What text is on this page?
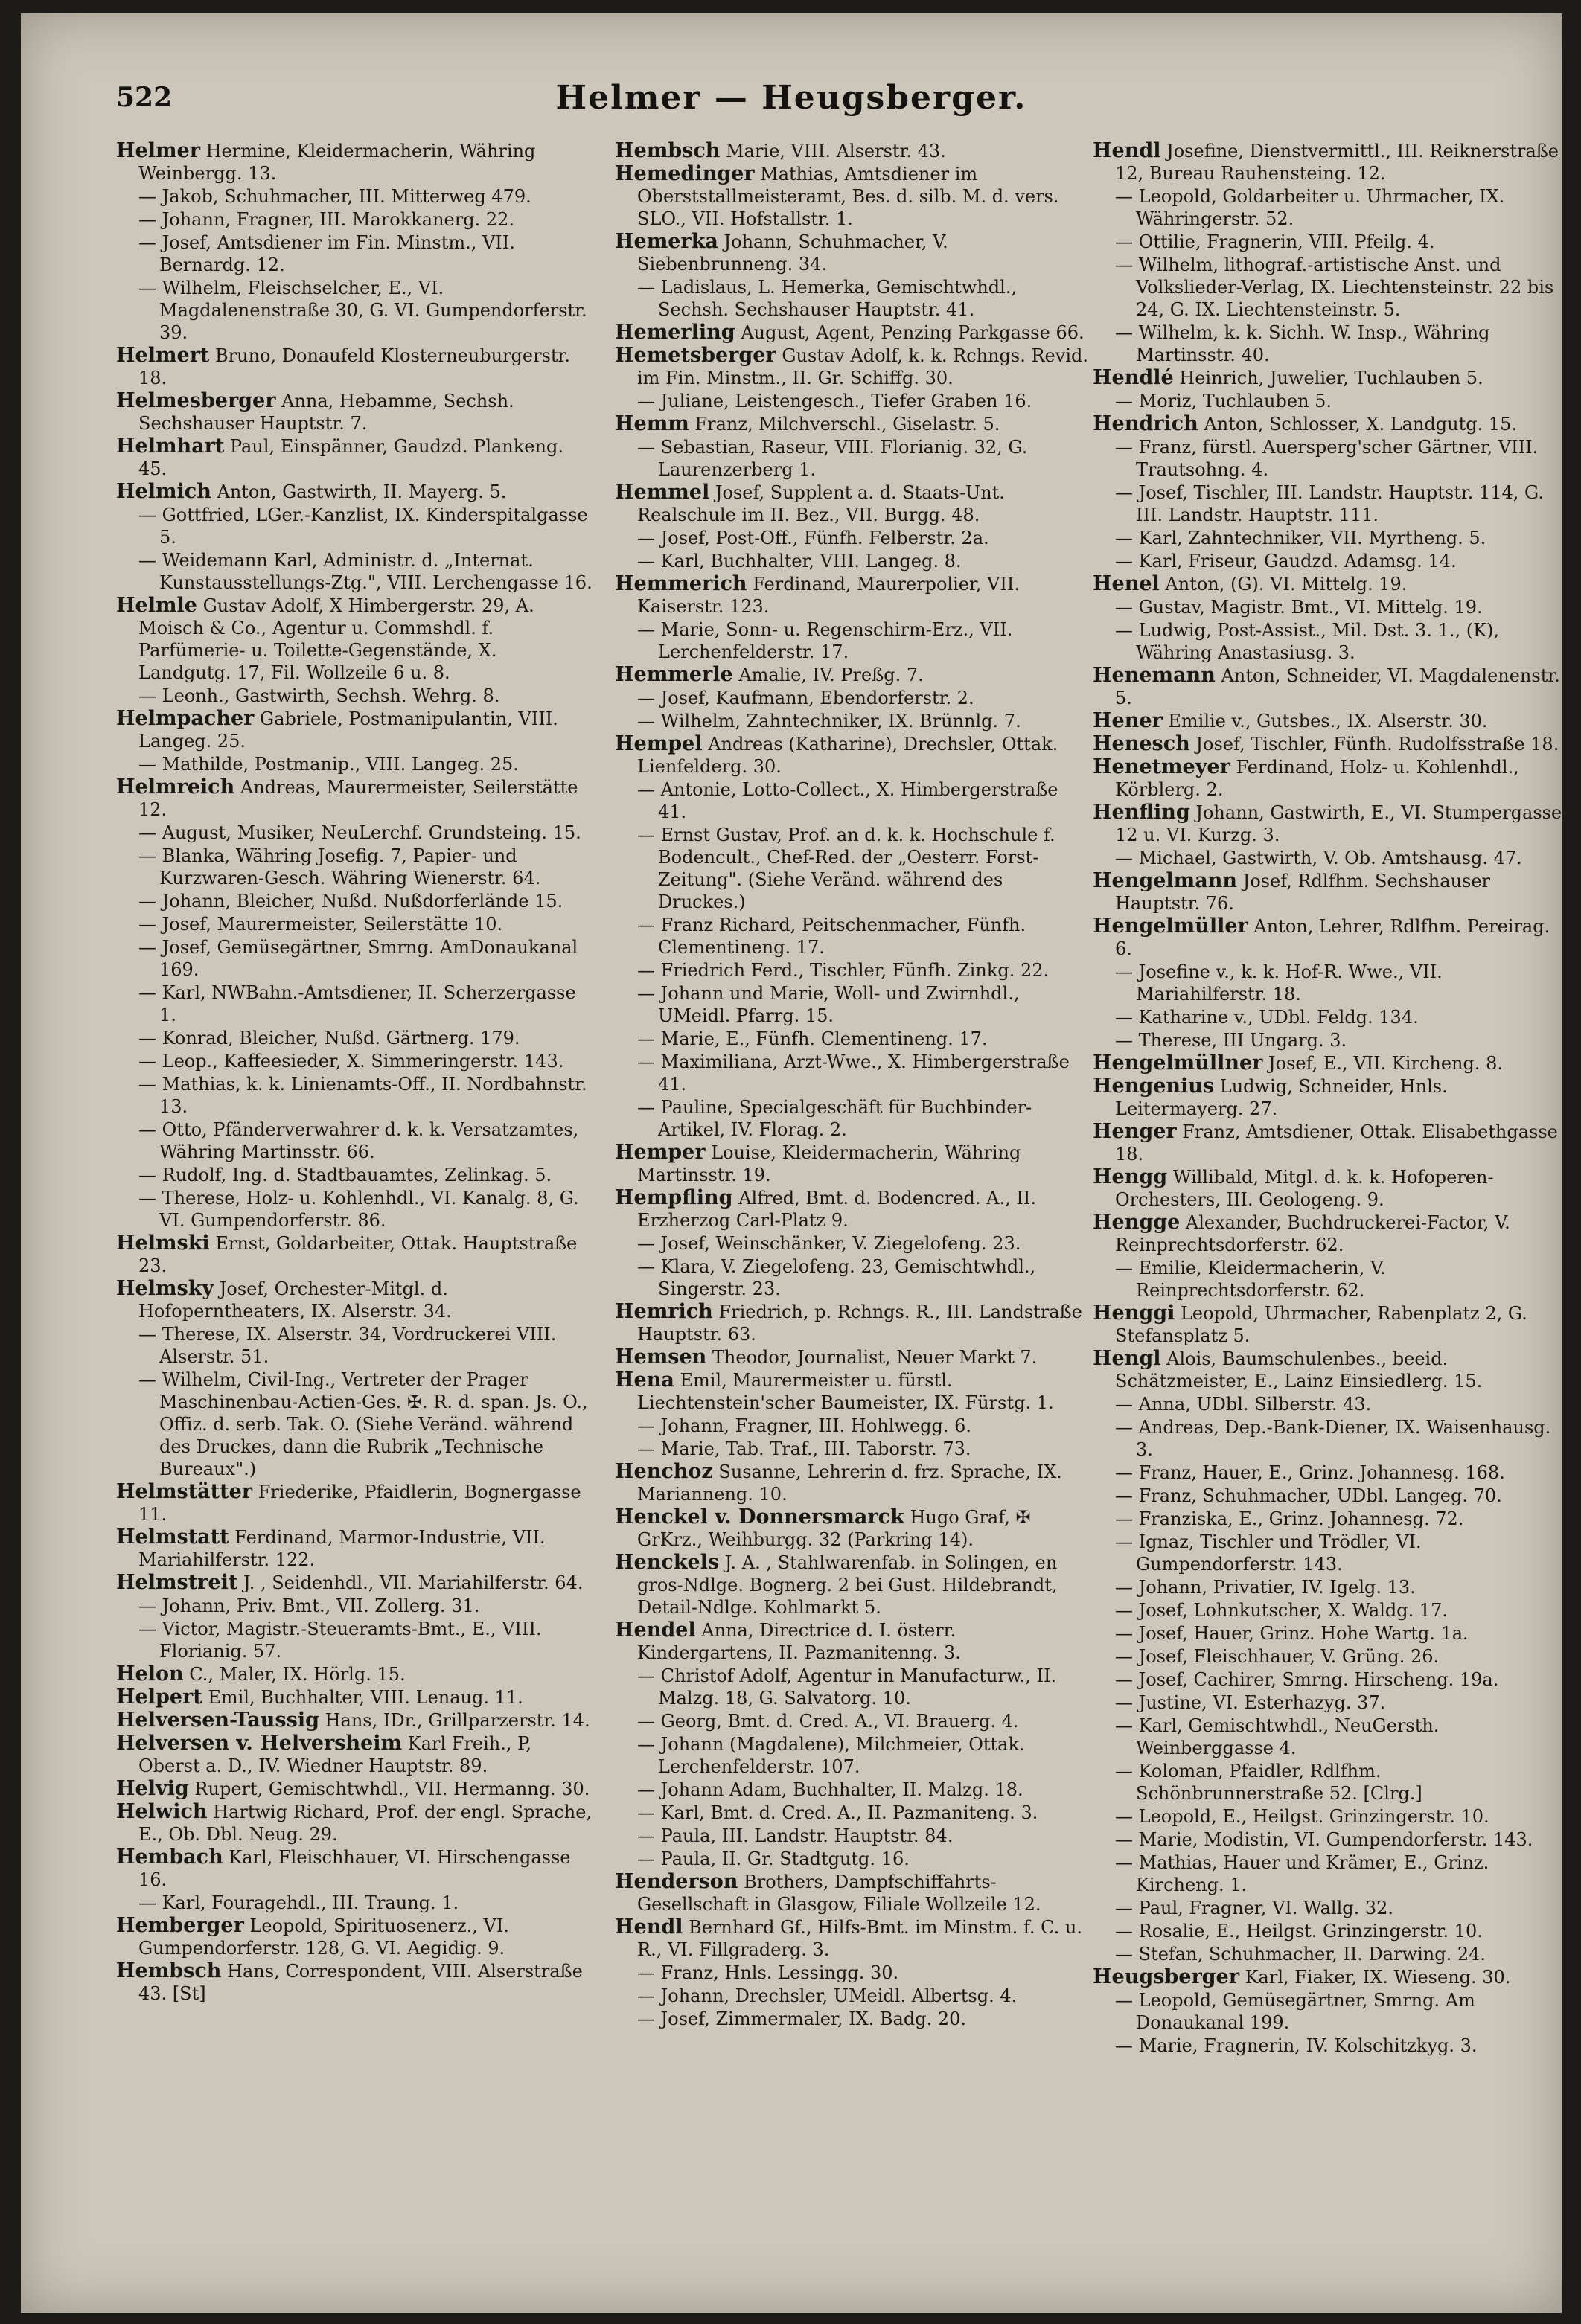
522	Helmer — Heugsberger.
Helmer Hermine, Kleidermacherin, Währing Weinbergg. 13.
— Jakob, Schuhmacher, III. Mitterweg 479.
— Johann, Fragner, III. Marokkanerg. 22.
— Josef, Amtsdiener im Fin. Minstm., VII. Bernardg. 12.
— Wilhelm, Fleischselcher, E., VI. Magdalenenstraße 30, G. VI. Gumpendorferstr. 39.
Helmert Bruno, Donaufeld Klosterneuburgerstr. 18.
Helmesberger Anna, Hebamme, Sechsh. Sechshauser Hauptstr. 7.
Helmhart Paul, Einspänner, Gaudzd. Plankeng. 45.
Helmich Anton, Gastwirth, II. Mayerg. 5.
— Gottfried, LGer.-Kanzlist, IX. Kinderspitalgasse 5.
— Weidemann Karl, Administr. d. „Internat. Kunstausstellungs-Ztg.", VIII. Lerchengasse 16.
Helmle Gustav Adolf, X Himbergerstr. 29, A. Moisch & Co., Agentur u. Commshdl. f. Parfümerie- u. Toilette-Gegenstände, X. Landgutg. 17, Fil. Wollzeile 6 u. 8.
— Leonh., Gastwirth, Sechsh. Wehrg. 8.
Helmpacher Gabriele, Postmanipulantin, VIII. Langeg. 25.
— Mathilde, Postmanip., VIII. Langeg. 25.
Helmreich Andreas, Maurermeister, Seilerstätte 12.
— August, Musiker, NeuLerchf. Grundsteing. 15.
— Blanka, Währing Josefig. 7, Papier- und Kurzwaren-Gesch. Währing Wienerstr. 64.
— Johann, Bleicher, Nußd. Nußdorferlände 15.
— Josef, Maurermeister, Seilerstätte 10.
— Josef, Gemüsegärtner, Smrng. AmDonaukanal 169.
— Karl, NWBahn.-Amtsdiener, II. Scherzergasse 1.
— Konrad, Bleicher, Nußd. Gärtnerg. 179.
— Leop., Kaffeesieder, X. Simmeringerstr. 143.
— Mathias, k. k. Linienamts-Off., II. Nordbahnstr. 13.
— Otto, Pfänderverwahrer d. k. k. Versatzamtes, Währing Martinsstr. 66.
— Rudolf, Ing. d. Stadtbauamtes, Zelinkag. 5.
— Therese, Holz- u. Kohlenhdl., VI. Kanalg. 8, G. VI. Gumpendorferstr. 86.
Helmski Ernst, Goldarbeiter, Ottak. Hauptstraße 23.
Helmsky Josef, Orchester-Mitgl. d. Hofoperntheaters, IX. Alserstr. 34.
— Therese, IX. Alserstr. 34, Vordruckerei VIII. Alserstr. 51.
— Wilhelm, Civil-Ing., Vertreter der Prager Maschinenbau-Actien-Ges. ✠. R. d. span. Js. O., Offiz. d. serb. Tak. O. (Siehe Veränd. während des Druckes, dann die Rubrik „Technische Bureaux".)
Helmstätter Friederike, Pfaidlerin, Bognergasse 11.
Helmstatt Ferdinand, Marmor-Industrie, VII. Mariahilferstr. 122.
Helmstreit J. , Seidenhdl., VII. Mariahilferstr. 64.
— Johann, Priv. Bmt., VII. Zollerg. 31.
— Victor, Magistr.-Steueramts-Bmt., E., VIII. Florianig. 57.
Helon C., Maler, IX. Hörlg. 15.
Helpert Emil, Buchhalter, VIII. Lenaug. 11.
Helversen-Taussig Hans, IDr., Grillparzerstr. 14.
Helversen v. Helversheim Karl Freih., P, Oberst a. D., IV. Wiedner Hauptstr. 89.
Helvig Rupert, Gemischtwhdl., VII. Hermanng. 30.
Helwich Hartwig Richard, Prof. der engl. Sprache, E., Ob. Dbl. Neug. 29.
Hembach Karl, Fleischhauer, VI. Hirschengasse 16.
— Karl, Fouragehdl., III. Traung. 1.
Hemberger Leopold, Spirituosenerz., VI. Gumpendorferstr. 128, G. VI. Aegidig. 9.
Hembsch Hans, Correspondent, VIII. Alserstraße 43. [St]
Hembsch Marie, VIII. Alserstr. 43.
Hemedinger Mathias, Amtsdiener im Oberststallmeisteramt, Bes. d. silb. M. d. vers. SLO., VII. Hofstallstr. 1.
Hemerka Johann, Schuhmacher, V. Siebenbrunneng. 34.
— Ladislaus, L. Hemerka, Gemischtwhdl., Sechsh. Sechshauser Hauptstr. 41.
Hemerling August, Agent, Penzing Parkgasse 66.
Hemetsberger Gustav Adolf, k. k. Rchngs. Revid. im Fin. Minstm., II. Gr. Schiffg. 30.
— Juliane, Leistengesch., Tiefer Graben 16.
Hemm Franz, Milchverschl., Giselastr. 5.
— Sebastian, Raseur, VIII. Florianig. 32, G. Laurenzerberg 1.
Hemmel Josef, Supplent a. d. Staats-Unt. Realschule im II. Bez., VII. Burgg. 48.
— Josef, Post-Off., Fünfh. Felberstr. 2a.
— Karl, Buchhalter, VIII. Langeg. 8.
Hemmerich Ferdinand, Maurerpolier, VII. Kaiserstr. 123.
— Marie, Sonn- u. Regenschirm-Erz., VII. Lerchenfelderstr. 17.
Hemmerle Amalie, IV. Preßg. 7.
— Josef, Kaufmann, Ebendorferstr. 2.
— Wilhelm, Zahntechniker, IX. Brünnlg. 7.
Hempel Andreas (Katharine), Drechsler, Ottak. Lienfelderg. 30.
— Antonie, Lotto-Collect., X. Himbergerstraße 41.
— Ernst Gustav, Prof. an d. k. k. Hochschule f. Bodencult., Chef-Red. der „Oesterr. Forst-Zeitung". (Siehe Veränd. während des Druckes.)
— Franz Richard, Peitschenmacher, Fünfh. Clementineng. 17.
— Friedrich Ferd., Tischler, Fünfh. Zinkg. 22.
— Johann und Marie, Woll- und Zwirnhdl., UMeidl. Pfarrg. 15.
— Marie, E., Fünfh. Clementineng. 17.
— Maximiliana, Arzt-Wwe., X. Himbergerstraße 41.
— Pauline, Specialgeschäft für Buchbinder-Artikel, IV. Florag. 2.
Hemper Louise, Kleidermacherin, Währing Martinsstr. 19.
Hempfling Alfred, Bmt. d. Bodencred. A., II. Erzherzog Carl-Platz 9.
— Josef, Weinschänker, V. Ziegelofeng. 23.
— Klara, V. Ziegelofeng. 23, Gemischtwhdl., Singerstr. 23.
Hemrich Friedrich, p. Rchngs. R., III. Landstraße Hauptstr. 63.
Hemsen Theodor, Journalist, Neuer Markt 7.
Hena Emil, Maurermeister u. fürstl. Liechtenstein'scher Baumeister, IX. Fürstg. 1.
— Johann, Fragner, III. Hohlwegg. 6.
— Marie, Tab. Traf., III. Taborstr. 73.
Henchoz Susanne, Lehrerin d. frz. Sprache, IX. Marianneng. 10.
Henckel v. Donnersmarck Hugo Graf, ✠ GrKrz., Weihburgg. 32 (Parkring 14).
Henckels J. A. , Stahlwarenfab. in Solingen, en gros-Ndlge. Bognerg. 2 bei Gust. Hildebrandt, Detail-Ndlge. Kohlmarkt 5.
Hendel Anna, Directrice d. I. österr. Kindergartens, II. Pazmanitenng. 3.
— Christof Adolf, Agentur in Manufacturw., II. Malzg. 18, G. Salvatorg. 10.
— Georg, Bmt. d. Cred. A., VI. Brauerg. 4.
— Johann (Magdalene), Milchmeier, Ottak. Lerchenfelderstr. 107.
— Johann Adam, Buchhalter, II. Malzg. 18.
— Karl, Bmt. d. Cred. A., II. Pazmaniteng. 3.
— Paula, III. Landstr. Hauptstr. 84.
— Paula, II. Gr. Stadtgutg. 16.
Henderson Brothers, Dampfschiffahrts-Gesellschaft in Glasgow, Filiale Wollzeile 12.
Hendl Bernhard Gf., Hilfs-Bmt. im Minstm. f. C. u. R., VI. Fillgraderg. 3.
— Franz, Hnls. Lessingg. 30.
— Johann, Drechsler, UMeidl. Albertsg. 4.
— Josef, Zimmermaler, IX. Badg. 20.
Hendl Josefine, Dienstvermittl., III. Reiknerstraße 12, Bureau Rauhensteing. 12.
— Leopold, Goldarbeiter u. Uhrmacher, IX. Währingerstr. 52.
— Ottilie, Fragnerin, VIII. Pfeilg. 4.
— Wilhelm, lithograf.-artistische Anst. und Volkslieder-Verlag, IX. Liechtensteinstr. 22 bis 24, G. IX. Liechtensteinstr. 5.
— Wilhelm, k. k. Sichh. W. Insp., Währing Martinsstr. 40.
Hendlé Heinrich, Juwelier, Tuchlauben 5.
— Moriz, Tuchlauben 5.
Hendrich Anton, Schlosser, X. Landgutg. 15.
— Franz, fürstl. Auersperg'scher Gärtner, VIII. Trautsohng. 4.
— Josef, Tischler, III. Landstr. Hauptstr. 114, G. III. Landstr. Hauptstr. 111.
— Karl, Zahntechniker, VII. Myrtheng. 5.
— Karl, Friseur, Gaudzd. Adamsg. 14.
Henel Anton, (G). VI. Mittelg. 19.
— Gustav, Magistr. Bmt., VI. Mittelg. 19.
— Ludwig, Post-Assist., Mil. Dst. 3. 1., (K), Währing Anastasiusg. 3.
Henemann Anton, Schneider, VI. Magdalenenstr. 5.
Hener Emilie v., Gutsbes., IX. Alserstr. 30.
Henesch Josef, Tischler, Fünfh. Rudolfsstraße 18.
Henetmeyer Ferdinand, Holz- u. Kohlenhdl., Körblerg. 2.
Henfling Johann, Gastwirth, E., VI. Stumpergasse 12 u. VI. Kurzg. 3.
— Michael, Gastwirth, V. Ob. Amtshausg. 47.
Hengelmann Josef, Rdlfhm. Sechshauser Hauptstr. 76.
Hengelmüller Anton, Lehrer, Rdlfhm. Pereirag. 6.
— Josefine v., k. k. Hof-R. Wwe., VII. Mariahilferstr. 18.
— Katharine v., UDbl. Feldg. 134.
— Therese, III Ungarg. 3.
Hengelmüllner Josef, E., VII. Kircheng. 8.
Hengenius Ludwig, Schneider, Hnls. Leitermayerg. 27.
Henger Franz, Amtsdiener, Ottak. Elisabethgasse 18.
Hengg Willibald, Mitgl. d. k. k. Hofoperen-Orchesters, III. Geologeng. 9.
Hengge Alexander, Buchdruckerei-Factor, V. Reinprechtsdorferstr. 62.
— Emilie, Kleidermacherin, V. Reinprechtsdorferstr. 62.
Henggi Leopold, Uhrmacher, Rabenplatz 2, G. Stefansplatz 5.
Hengl Alois, Baumschulenbes., beeid. Schätzmeister, E., Lainz Einsiedlerg. 15.
— Anna, UDbl. Silberstr. 43.
— Andreas, Dep.-Bank-Diener, IX. Waisenhausg. 3.
— Franz, Hauer, E., Grinz. Johannesg. 168.
— Franz, Schuhmacher, UDbl. Langeg. 70.
— Franziska, E., Grinz. Johannesg. 72.
— Ignaz, Tischler und Trödler, VI. Gumpendorferstr. 143.
— Johann, Privatier, IV. Igelg. 13.
— Josef, Lohnkutscher, X. Waldg. 17.
— Josef, Hauer, Grinz. Hohe Wartg. 1a.
— Josef, Fleischhauer, V. Grüng. 26.
— Josef, Cachirer, Smrng. Hirscheng. 19a.
— Justine, VI. Esterhazyg. 37.
— Karl, Gemischtwhdl., NeuGersth. Weinberggasse 4.
— Koloman, Pfaidler, Rdlfhm. Schönbrunnerstraße 52. [Clrg.]
— Leopold, E., Heilgst. Grinzingerstr. 10.
— Marie, Modistin, VI. Gumpendorferstr. 143.
— Mathias, Hauer und Krämer, E., Grinz. Kircheng. 1.
— Paul, Fragner, VI. Wallg. 32.
— Rosalie, E., Heilgst. Grinzingerstr. 10.
— Stefan, Schuhmacher, II. Darwing. 24.
Heugsberger Karl, Fiaker, IX. Wieseng. 30.
— Leopold, Gemüsegärtner, Smrng. Am Donaukanal 199.
— Marie, Fragnerin, IV. Kolschitzkyg. 3.
